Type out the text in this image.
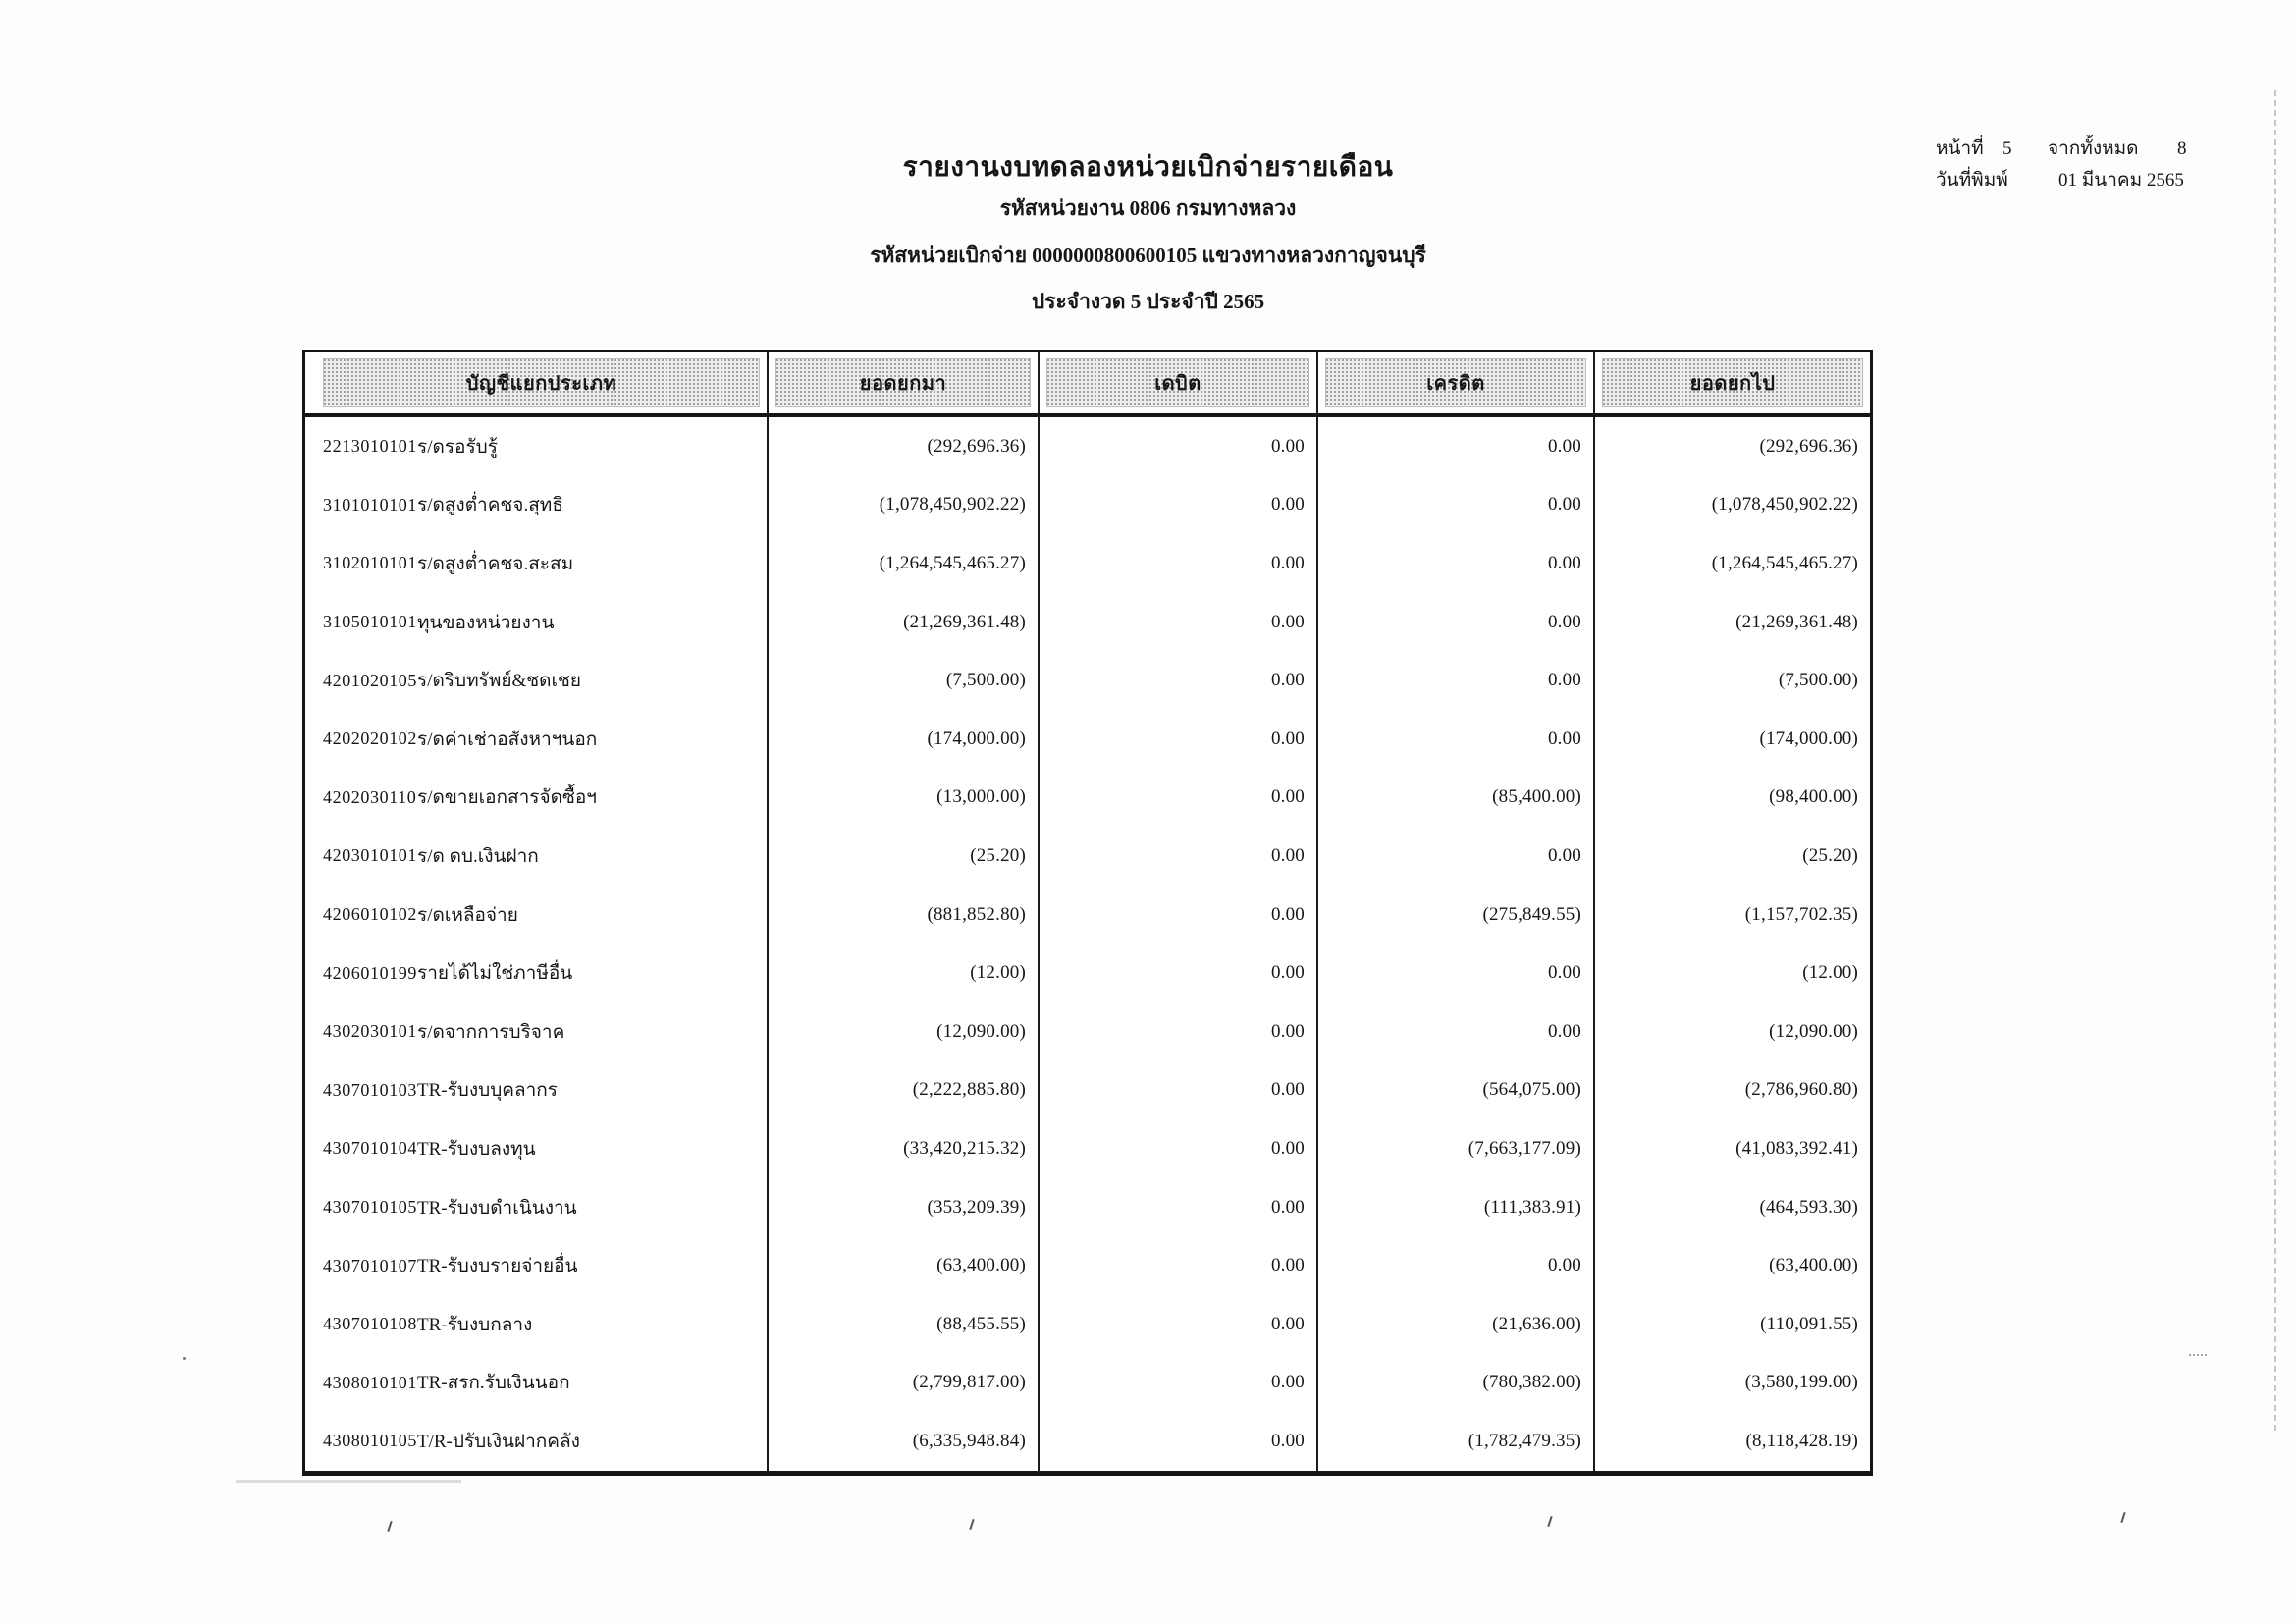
รายงานงบทดลองหน่วยเบิกจ่ายรายเดือน
รหัสหน่วยงาน 0806 กรมทางหลวง
รหัสหน่วยเบิกจ่าย 0000000800600105 แขวงทางหลวงกาญจนบุรี
ประจำงวด 5 ประจำปี 2565
หน้าที่	5	จากทั้งหมด	8
วันที่พิมพ์	01 มีนาคม 2565
บัญชีแยกประเภท	ยอดยกมา	เดบิต	เครดิต	ยอดยกไป
2213010101 ร/ดรอรับรู้	(292,696.36)	0.00	0.00	(292,696.36)
3101010101 ร/ดสูงต่ำคชจ.สุทธิ	(1,078,450,902.22)	0.00	0.00	(1,078,450,902.22)
3102010101 ร/ดสูงต่ำคชจ.สะสม	(1,264,545,465.27)	0.00	0.00	(1,264,545,465.27)
3105010101 ทุนของหน่วยงาน	(21,269,361.48)	0.00	0.00	(21,269,361.48)
4201020105 ร/ดริบทรัพย์&ชดเชย	(7,500.00)	0.00	0.00	(7,500.00)
4202020102 ร/ดค่าเช่าอสังหาฯนอก	(174,000.00)	0.00	0.00	(174,000.00)
4202030110 ร/ดขายเอกสารจัดซื้อฯ	(13,000.00)	0.00	(85,400.00)	(98,400.00)
4203010101 ร/ด ดบ.เงินฝาก	(25.20)	0.00	0.00	(25.20)
4206010102 ร/ดเหลือจ่าย	(881,852.80)	0.00	(275,849.55)	(1,157,702.35)
4206010199 รายได้ไม่ใช่ภาษีอื่น	(12.00)	0.00	0.00	(12.00)
4302030101 ร/ดจากการบริจาค	(12,090.00)	0.00	0.00	(12,090.00)
4307010103 TR-รับงบบุคลากร	(2,222,885.80)	0.00	(564,075.00)	(2,786,960.80)
4307010104 TR-รับงบลงทุน	(33,420,215.32)	0.00	(7,663,177.09)	(41,083,392.41)
4307010105 TR-รับงบดำเนินงาน	(353,209.39)	0.00	(111,383.91)	(464,593.30)
4307010107 TR-รับงบรายจ่ายอื่น	(63,400.00)	0.00	0.00	(63,400.00)
4307010108 TR-รับงบกลาง	(88,455.55)	0.00	(21,636.00)	(110,091.55)
4308010101 TR-สรก.รับเงินนอก	(2,799,817.00)	0.00	(780,382.00)	(3,580,199.00)
4308010105 T/R-ปรับเงินฝากคลัง	(6,335,948.84)	0.00	(1,782,479.35)	(8,118,428.19)
